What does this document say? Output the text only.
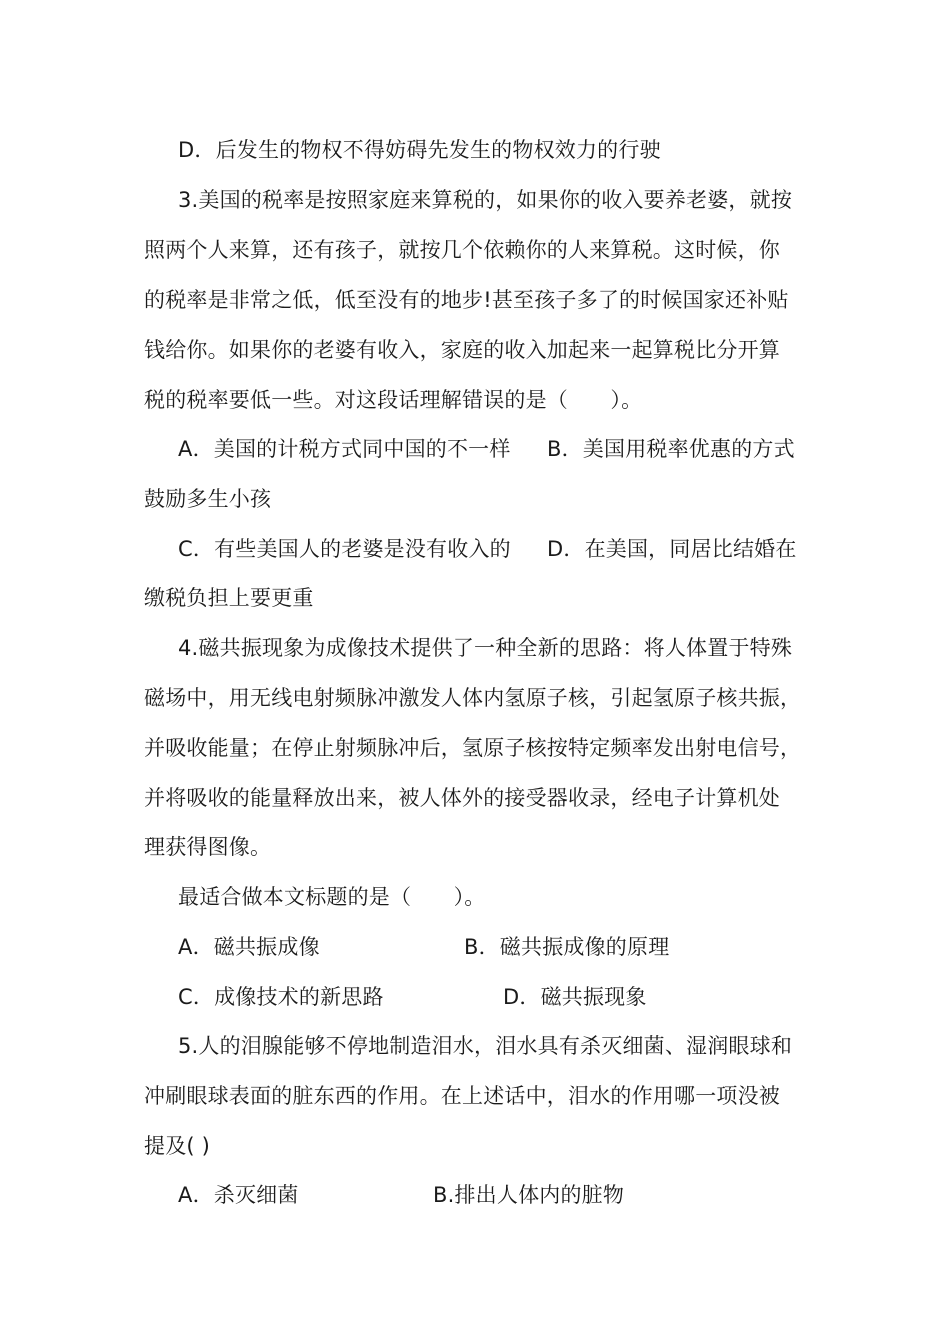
D．后发生的物权不得妨碍先发生的物权效力的行驶
3.美国的税率是按照家庭来算税的，如果你的收入要养老婆，就按
照两个人来算，还有孩子，就按几个依赖你的人来算税。这时候，你
的税率是非常之低，低至没有的地步!甚至孩子多了的时候国家还补贴
钱给你。如果你的老婆有收入，家庭的收入加起来一起算税比分开算
税的税率要低一些。对这段话理解错误的是（　　）。
A．美国的计税方式同中国的不一样 B．美国用税率优惠的方式
鼓励多生小孩
C．有些美国人的老婆是没有收入的 D．在美国，同居比结婚在
缴税负担上要更重
4.磁共振现象为成像技术提供了一种全新的思路：将人体置于特殊
磁场中，用无线电射频脉冲激发人体内氢原子核，引起氢原子核共振，
并吸收能量；在停止射频脉冲后，氢原子核按特定频率发出射电信号，
并将吸收的能量释放出来，被人体外的接受器收录，经电子计算机处
理获得图像。
最适合做本文标题的是（　　）。
A．磁共振成像	B．磁共振成像的原理
C．成像技术的新思路	D．磁共振现象
5.人的泪腺能够不停地制造泪水，泪水具有杀灭细菌、湿润眼球和
冲刷眼球表面的脏东西的作用。在上述话中，泪水的作用哪一项没被
提及( )
A．杀灭细菌	B.排出人体内的脏物
